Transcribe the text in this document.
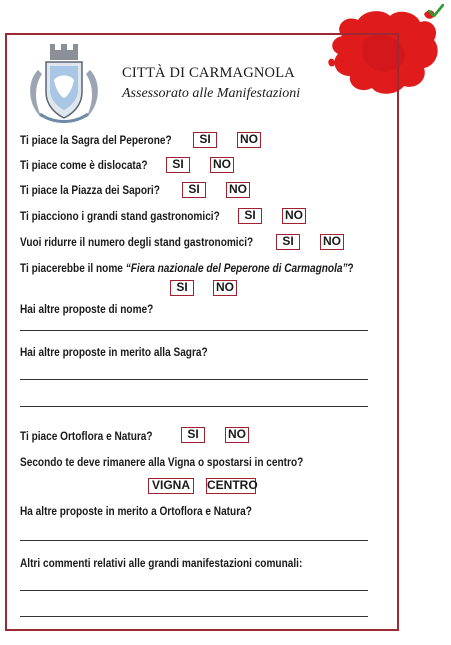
CITTÀ DI CARMAGNOLA
Assessorato alle Manifestazioni
Ti piace la Sagra del Peperone?	SI	NO
Ti piace come è dislocata?	SI	NO
Ti piace la Piazza dei Sapori?	SI	NO
Ti piacciono i grandi stand gastronomici?	SI	NO
Vuoi ridurre il numero degli stand gastronomici?	SI	NO
Ti piacerebbe il nome “Fiera nazionale del Peperone di Carmagnola”?
SI	NO
Hai altre proposte di nome?
Hai altre proposte in merito alla Sagra?
Ti piace Ortoflora e Natura?	SI	NO
Secondo te deve rimanere alla Vigna o spostarsi in centro?
VIGNA	CENTRO
Ha altre proposte in merito a Ortoflora e Natura?
Altri commenti relativi alle grandi manifestazioni comunali:
